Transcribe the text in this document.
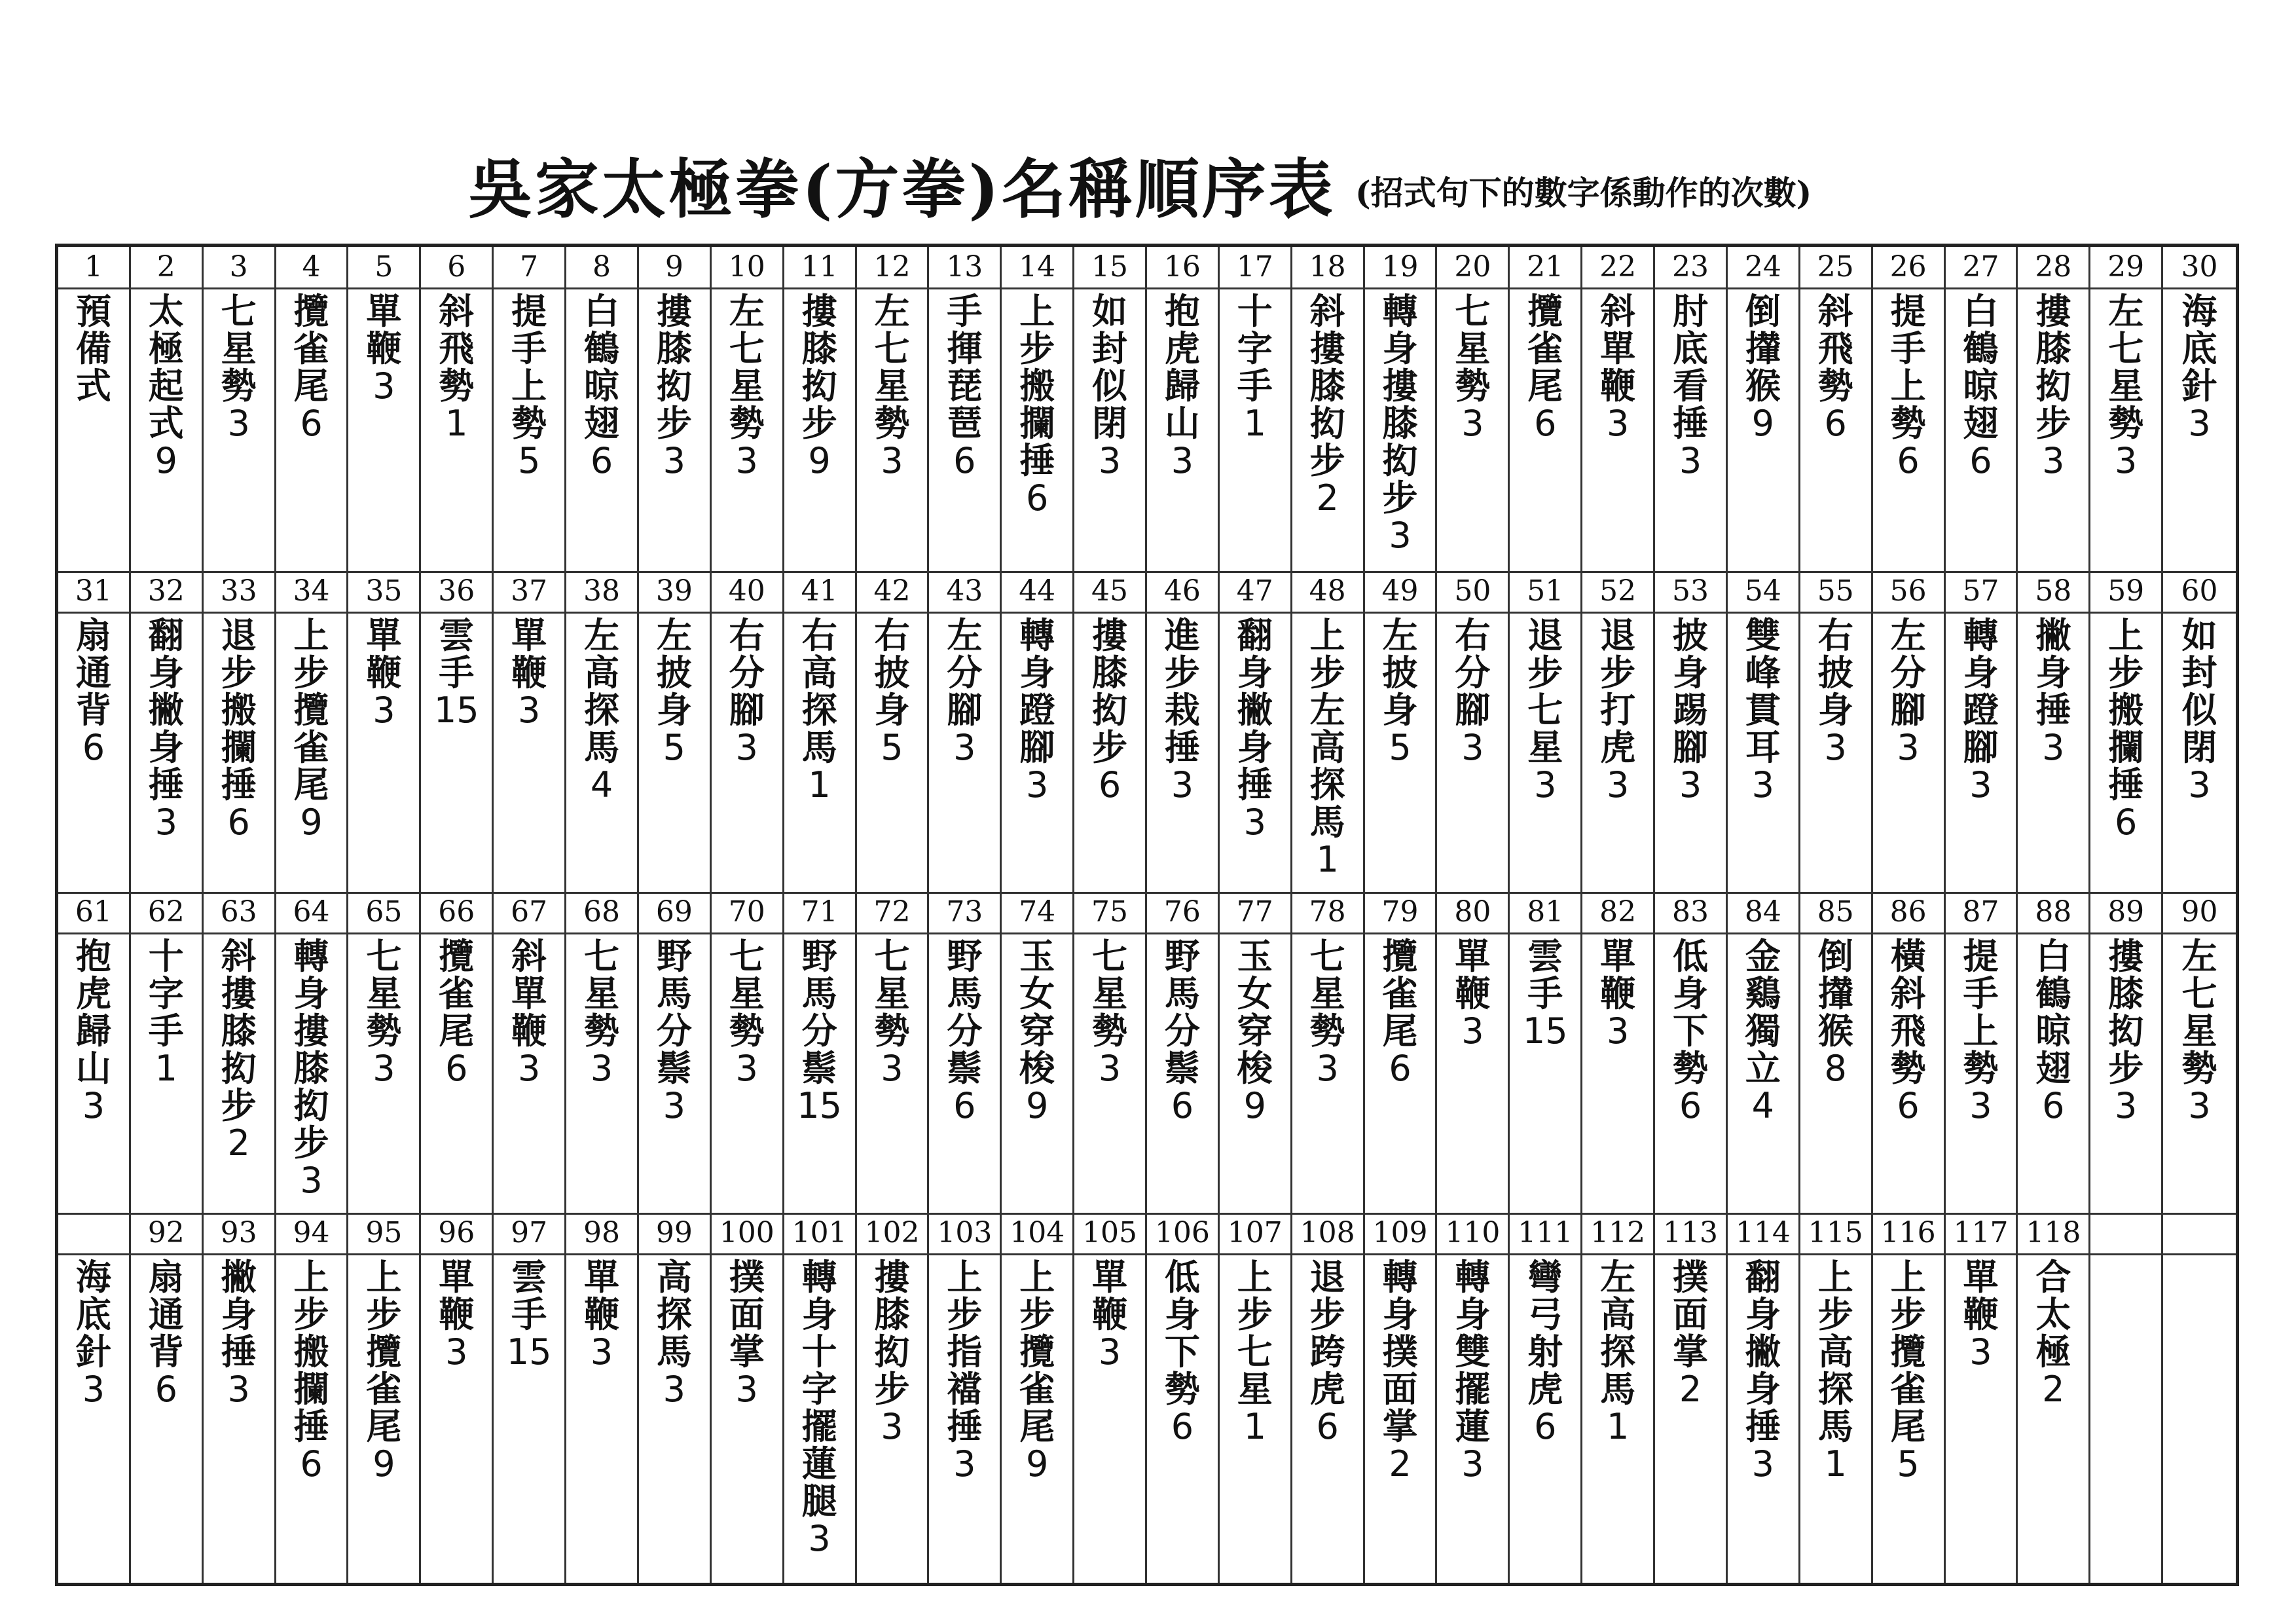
吳家太極拳(方拳)名稱順序表 (招式句下的數字係動作的次數)
1
預備式
2
太極起式
9
3
七星勢
3
4
攬雀尾
6
5
單鞭
3
6
斜飛勢
1
7
提手上勢
5
8
白鶴晾翅
6
9
摟膝抝步
3
10
左七星勢
3
11
摟膝抝步
9
12
左七星勢
3
13
手揮琵琶
6
14
上步搬攔捶
6
15
如封似閉
3
16
抱虎歸山
3
17
十字手
1
18
斜摟膝抝步
2
19
轉身摟膝抝步
3
20
七星勢
3
21
攬雀尾
6
22
斜單鞭
3
23
肘底看捶
3
24
倒攆猴
9
25
斜飛勢
6
26
提手上勢
6
27
白鶴晾翅
6
28
摟膝抝步
3
29
左七星勢
3
30
海底針
3
31
扇通背
6
32
翻身撇身捶
3
33
退步搬攔捶
6
34
上步攬雀尾
9
35
單鞭
3
36
雲手
15
37
單鞭
3
38
左高探馬
4
39
左披身
5
40
右分腳
3
41
右高探馬
1
42
右披身
5
43
左分腳
3
44
轉身蹬腳
3
45
摟膝抝步
6
46
進步栽捶
3
47
翻身撇身捶
3
48
上步左高探馬
1
49
左披身
5
50
右分腳
3
51
退步七星
3
52
退步打虎
3
53
披身踢腳
3
54
雙峰貫耳
3
55
右披身
3
56
左分腳
3
57
轉身蹬腳
3
58
撇身捶
3
59
上步搬攔捶
6
60
如封似閉
3
61
抱虎歸山
3
62
十字手
1
63
斜摟膝抝步
2
64
轉身摟膝抝步
3
65
七星勢
3
66
攬雀尾
6
67
斜單鞭
3
68
七星勢
3
69
野馬分鬃
3
70
七星勢
3
71
野馬分鬃
15
72
七星勢
3
73
野馬分鬃
6
74
玉女穿梭
9
75
七星勢
3
76
野馬分鬃
6
77
玉女穿梭
9
78
七星勢
3
79
攬雀尾
6
80
單鞭
3
81
雲手
15
82
單鞭
3
83
低身下勢
6
84
金鷄獨立
4
85
倒攆猴
8
86
橫斜飛勢
6
87
提手上勢
3
88
白鶴晾翅
6
89
摟膝抝步
3
90
左七星勢
3
海底針
3
92
扇通背
6
93
撇身捶
3
94
上步搬攔捶
6
95
上步攬雀尾
9
96
單鞭
3
97
雲手
15
98
單鞭
3
99
高探馬
3
100
撲面掌
3
101
轉身十字擺蓮腿
3
102
摟膝抝步
3
103
上步指襠捶
3
104
上步攬雀尾
9
105
單鞭
3
106
低身下勢
6
107
上步七星
1
108
退步跨虎
6
109
轉身撲面掌
2
110
轉身雙擺蓮
3
111
彎弓射虎
6
112
左高探馬
1
113
撲面掌
2
114
翻身撇身捶
3
115
上步高探馬
1
116
上步攬雀尾
5
117
單鞭
3
118
合太極
2
